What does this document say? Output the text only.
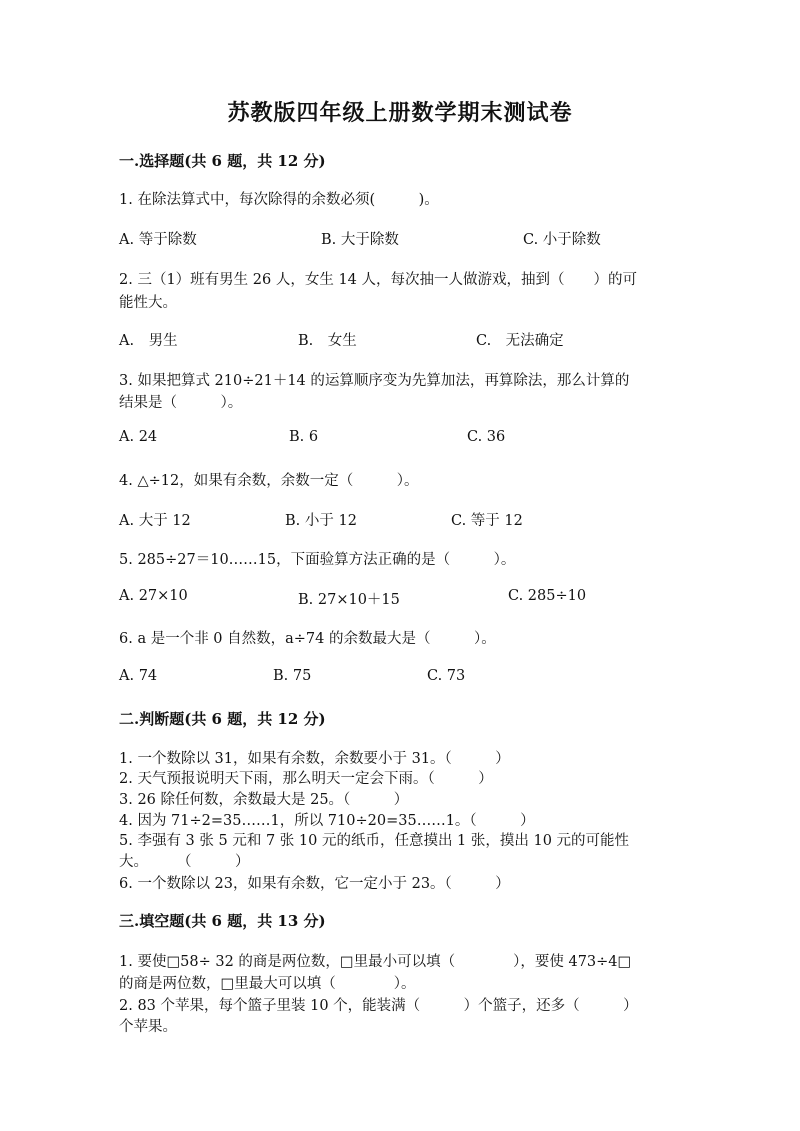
苏教版四年级上册数学期末测试卷
一.选择题(共 6 题，共 12 分)
1. 在除法算式中，每次除得的余数必须(　　　)。
A. 等于除数	B. 大于除数	C. 小于除数
2. 三（1）班有男生 26 人，女生 14 人，每次抽一人做游戏，抽到（　　）的可
能性大。
A.　男生	B.　女生	C.　无法确定
3. 如果把算式 210÷21＋14 的运算顺序变为先算加法，再算除法，那么计算的
结果是（　　　）。
A. 24	B. 6	C. 36
4. △÷12，如果有余数，余数一定（　　　）。
A. 大于 12	B. 小于 12	C. 等于 12
5. 285÷27＝10……15，下面验算方法正确的是（　　　）。
A. 27×10	B. 27×10＋15	C. 285÷10
6. a 是一个非 0 自然数，a÷74 的余数最大是（　　　）。
A. 74	B. 75	C. 73
二.判断题(共 6 题，共 12 分)
1. 一个数除以 31，如果有余数，余数要小于 31。（　　　）
2. 天气预报说明天下雨，那么明天一定会下雨。（　　　）
3. 26 除任何数，余数最大是 25。（　　　）
4. 因为 71÷2=35……1，所以 710÷20=35……1。（　　　）
5. 李强有 3 张 5 元和 7 张 10 元的纸币，任意摸出 1 张，摸出 10 元的可能性
大。　　　（　　　）
6. 一个数除以 23，如果有余数，它一定小于 23。（　　　）
三.填空题(共 6 题，共 13 分)
1. 要使□58÷ 32 的商是两位数，□里最小可以填（　　　　），要使 473÷4□
的商是两位数，□里最大可以填（　　　　）。
2. 83 个苹果，每个篮子里装 10 个，能装满（　　　）个篮子，还多（　　　）
个苹果。
